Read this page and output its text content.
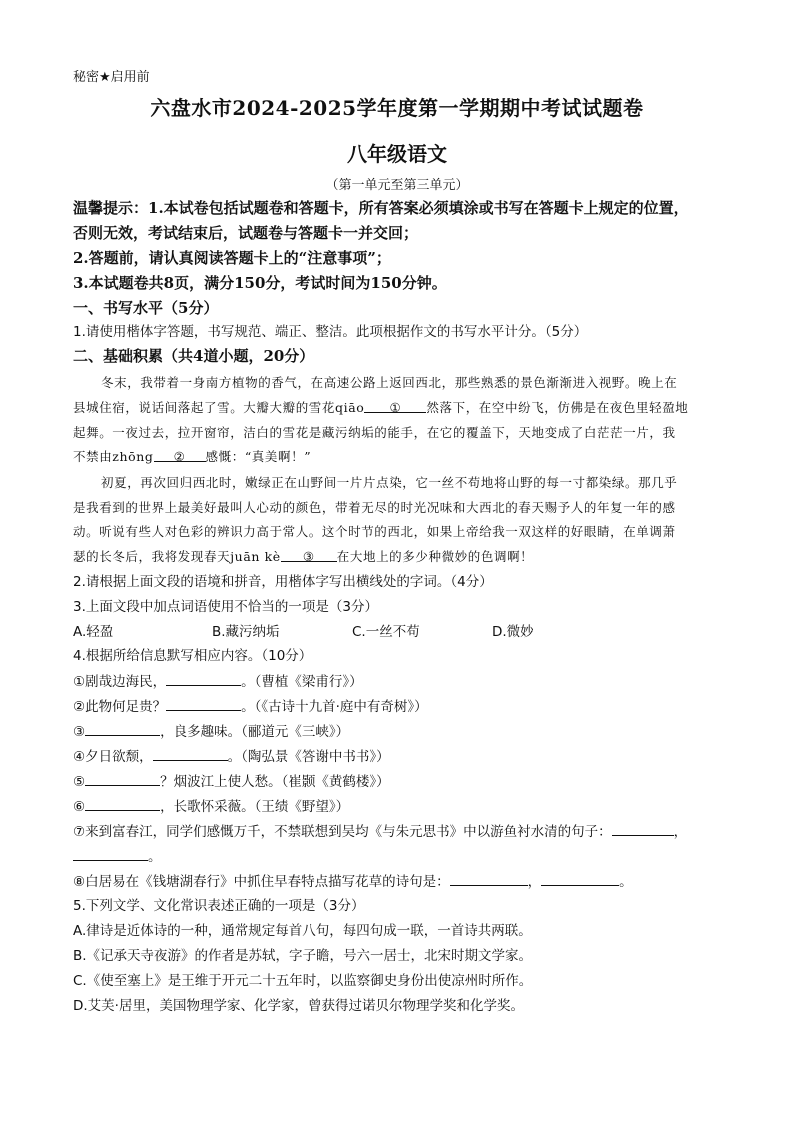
秘密★启用前
六盘水市2024-2025学年度第一学期期中考试试题卷
八年级语文
（第一单元至第三单元）
温馨提示：1.本试卷包括试题卷和答题卡，所有答案必须填涂或书写在答题卡上规定的位置，
否则无效，考试结束后，试题卷与答题卡一并交回；
2.答题前，请认真阅读答题卡上的“注意事项”；
3.本试题卷共8页，满分150分，考试时间为150分钟。
一、书写水平（5分）
1.请使用楷体字答题，书写规范、端正、整洁。此项根据作文的书写水平计分。（5分）
二、基础积累（共4道小题，20分）
冬末，我带着一身南方植物的香气，在高速公路上返回西北，那些熟悉的景色渐渐进入视野。晚上在
县城住宿，说话间落起了雪。大瓣大瓣的雪花qiāo ① 然落下，在空中纷飞，仿佛是在夜色里轻盈地
起舞。一夜过去，拉开窗帘，洁白的雪花是藏污纳垢的能手，在它的覆盖下，天地变成了白茫茫一片，我
不禁由zhōng ② 感慨：“真美啊！”
初夏，再次回归西北时，嫩绿正在山野间一片片点染，它一丝不苟地将山野的每一寸都染绿。那几乎
是我看到的世界上最美好最叫人心动的颜色，带着无尽的时光况味和大西北的春天赐予人的年复一年的感
动。听说有些人对色彩的辨识力高于常人。这个时节的西北，如果上帝给我一双这样的好眼睛，在单调萧
瑟的长冬后，我将发现春天juān kè ③ 在大地上的多少种微妙的色调啊！
2.请根据上面文段的语境和拼音，用楷体字写出横线处的字词。（4分）
3.上面文段中加点词语使用不恰当的一项是（3分）
A.轻盈	B.藏污纳垢	C.一丝不苟	D.微妙
4.根据所给信息默写相应内容。（10分）
①剧哉边海民，	。（曹植《梁甫行》）
②此物何足贵？	。（《古诗十九首·庭中有奇树》）
③	，良多趣味。（郦道元《三峡》）
④夕日欲颓，	。（陶弘景《答谢中书书》）
⑤	？烟波江上使人愁。（崔颢《黄鹤楼》）
⑥	，长歌怀采薇。（王绩《野望》）
⑦来到富春江，同学们感慨万千，不禁联想到吴均《与朱元思书》中以游鱼衬水清的句子：	，
。
⑧白居易在《钱塘湖春行》中抓住早春特点描写花草的诗句是：	，	。
5.下列文学、文化常识表述正确的一项是（3分）
A.律诗是近体诗的一种，通常规定每首八句，每四句成一联，一首诗共两联。
B.《记承天寺夜游》的作者是苏轼，字子瞻，号六一居士，北宋时期文学家。
C.《使至塞上》是王维于开元二十五年时，以监察御史身份出使凉州时所作。
D.艾芙·居里，美国物理学家、化学家，曾获得过诺贝尔物理学奖和化学奖。
